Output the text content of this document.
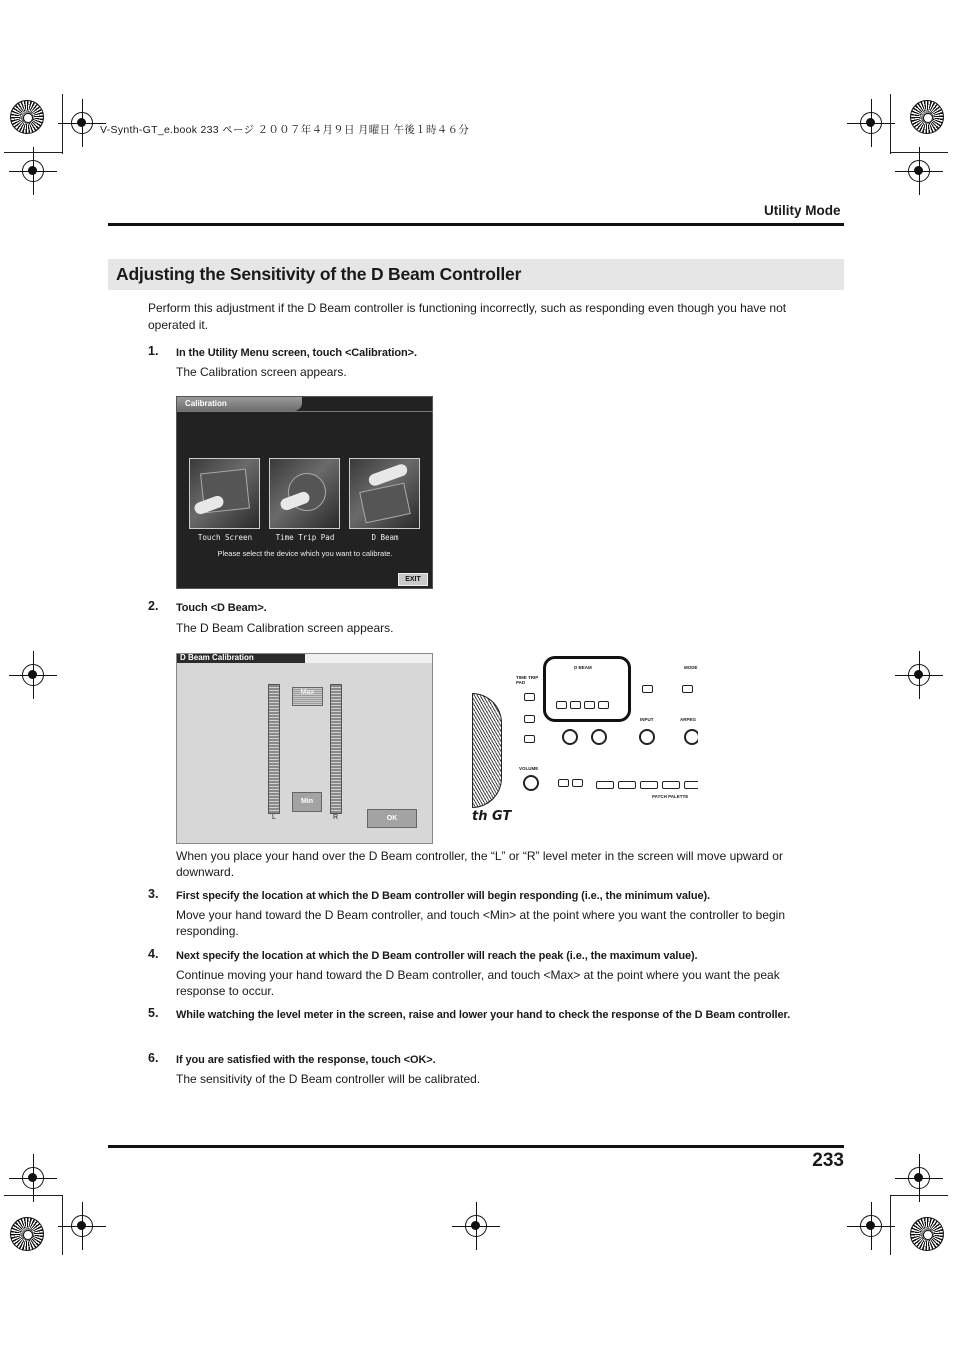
V-Synth-GT_e.book 233 ページ ２００７年４月９日 月曜日 午後１時４６分
Utility Mode
Adjusting the Sensitivity of the D Beam Controller
Perform this adjustment if the D Beam controller is functioning incorrectly, such as responding even though you have not operated it.
1.	In the Utility Menu screen, touch <Calibration>.
The Calibration screen appears.
Calibration
Touch Screen	Time Trip Pad	D Beam
Please select the device which you want to calibrate.
EXIT
2.	Touch <D Beam>.
The D Beam Calibration screen appears.
D Beam Calibration
L	R
Max
Min
OK
TIME TRIP PAD
D BEAM
INPUT
MODE
ARPEG
VOLUME
PATCH PALETTE
th GT
When you place your hand over the D Beam controller, the “L” or “R” level meter in the screen will move upward or downward.
3.	First specify the location at which the D Beam controller will begin responding (i.e., the minimum value).
Move your hand toward the D Beam controller, and touch <Min> at the point where you want the controller to begin responding.
4.	Next specify the location at which the D Beam controller will reach the peak (i.e., the maximum value).
Continue moving your hand toward the D Beam controller, and touch <Max> at the point where you want the peak response to occur.
5.	While watching the level meter in the screen, raise and lower your hand to check the response of the D Beam controller.
6.	If you are satisfied with the response, touch <OK>.
The sensitivity of the D Beam controller will be calibrated.
233
